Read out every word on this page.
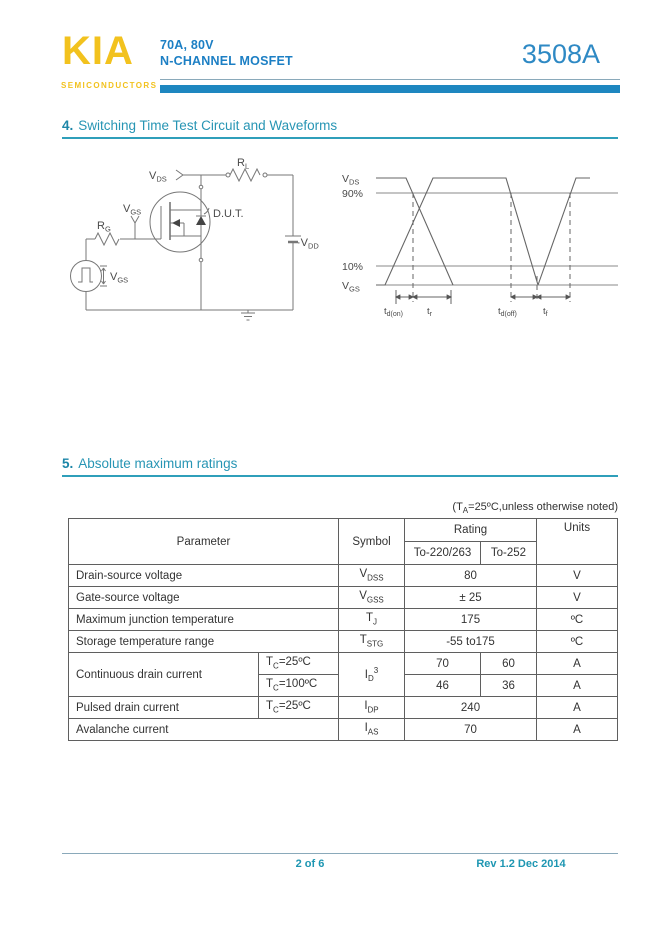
KIA
SEMICONDUCTORS
70A, 80V
N-CHANNEL MOSFET	3508A
4. Switching Time Test Circuit and Waveforms
$V_{DS}$
$R_L$
$V_{GS}$
$R_G$
D.U.T.
$\cdot V_{DD}$
$V_{GS}$
$V_{DS}$
90%
10%
$V_{GS}$
$t_{d(on)}$	$t_r$	$t_{d(off)}$	$t_f$
5. Absolute maximum ratings
($T_A=25ºC,unless$ otherwise noted)
Parameter		Symbol	Rating		Units
			To-220/263	To-252	
Drain-source voltage		$V_{DSS}$	80		V
Gate-source voltage		$V_{GSS}$	± 25		V
Maximum junction temperature		$T_J$	175		ºC
Storage temperature range		$T_{STG}$	-55 to175		ºC
Continuous drain current	$T_C=25ºC$	$I_D^3$	70	60	A
	$T_C=100ºC$		46	36	A
Pulsed drain current	$T_C=25ºC$	$I_{DP}$	240		A
Avalanche current		$I_{AS}$	70		A
2 of 6	Rev 1.2 Dec 2014
